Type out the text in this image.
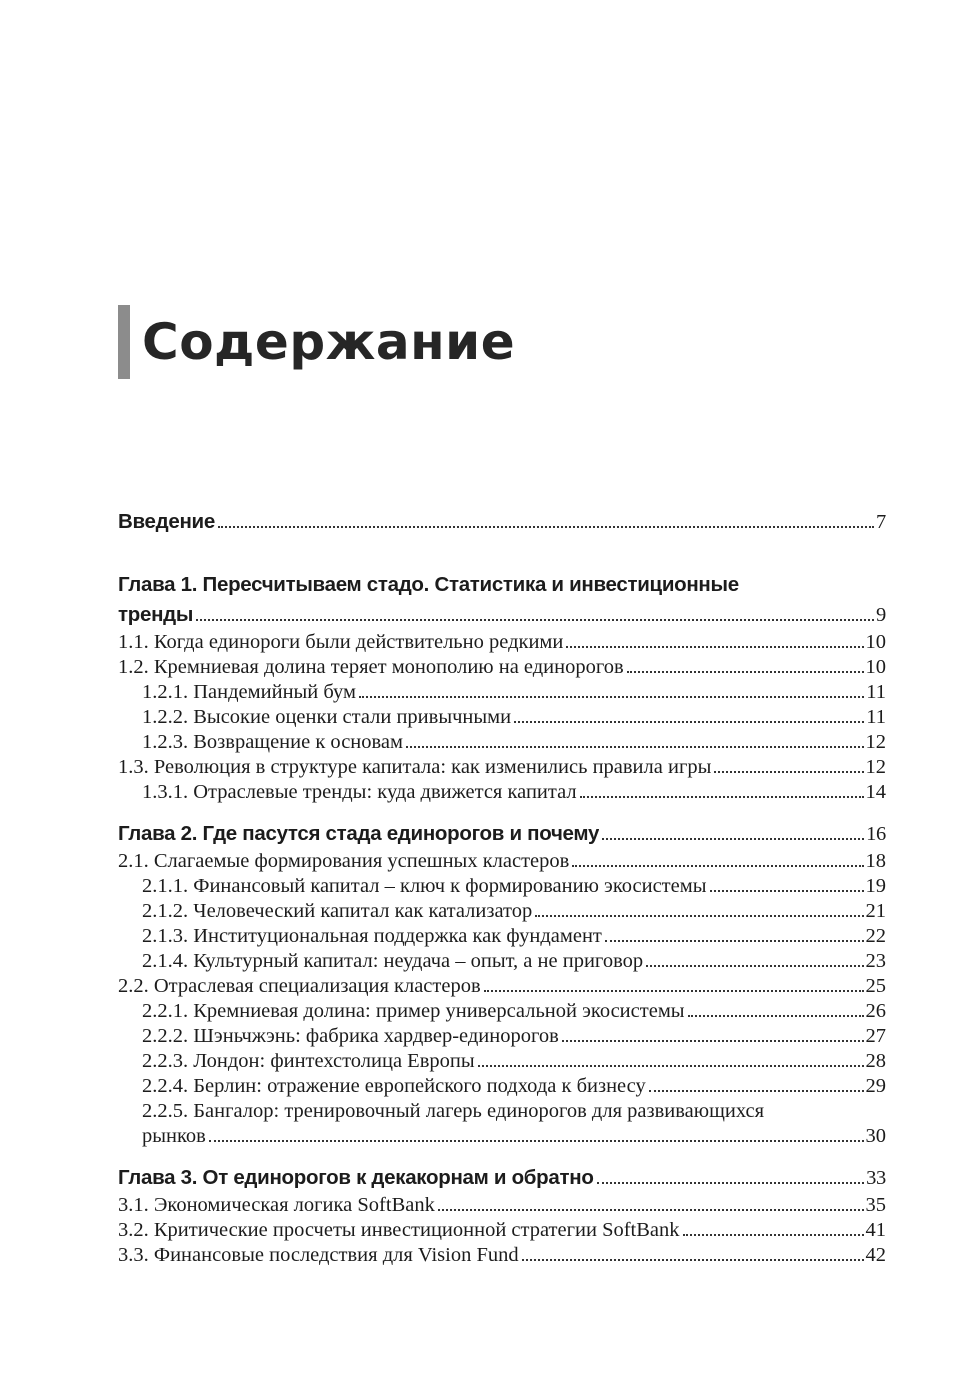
Содержание
Введение	7
Глава 1. Пересчитываем стадо. Статистика и инвестиционные
тренды	9
1.1. Когда единороги были действительно редкими	10
1.2. Кремниевая долина теряет монополию на единорогов	10
1.2.1. Пандемийный бум	11
1.2.2. Высокие оценки стали привычными	11
1.2.3. Возвращение к основам	12
1.3. Революция в структуре капитала: как изменились правила игры	12
1.3.1. Отраслевые тренды: куда движется капитал	14
Глава 2. Где пасутся стада единорогов и почему	16
2.1. Слагаемые формирования успешных кластеров	18
2.1.1. Финансовый капитал – ключ к формированию экосистемы	19
2.1.2. Человеческий капитал как катализатор	21
2.1.3. Институциональная поддержка как фундамент	22
2.1.4. Культурный капитал: неудача – опыт, а не приговор	23
2.2. Отраслевая специализация кластеров	25
2.2.1. Кремниевая долина: пример универсальной экосистемы	26
2.2.2. Шэньчжэнь: фабрика хардвер-единорогов	27
2.2.3. Лондон: финтехстолица Европы	28
2.2.4. Берлин: отражение европейского подхода к бизнесу	29
2.2.5. Бангалор: тренировочный лагерь единорогов для развивающихся
рынков	30
Глава 3. От единорогов к декакорнам и обратно	33
3.1. Экономическая логика SoftBank	35
3.2. Критические просчеты инвестиционной стратегии SoftBank	41
3.3. Финансовые последствия для Vision Fund	42
